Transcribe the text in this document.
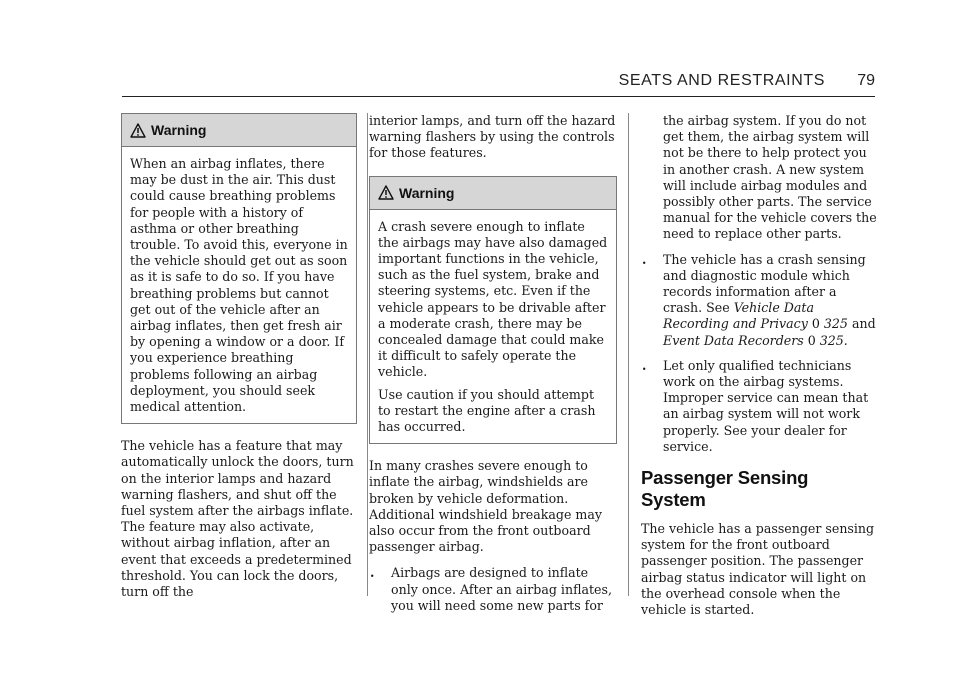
SEATS AND RESTRAINTS 79
Warning

When an airbag inflates, there may be dust in the air. This dust could cause breathing problems for people with a history of asthma or other breathing trouble. To avoid this, everyone in the vehicle should get out as soon as it is safe to do so. If you have breathing problems but cannot get out of the vehicle after an airbag inflates, then get fresh air by opening a window or a door. If you experience breathing problems following an airbag deployment, you should seek medical attention.

The vehicle has a feature that may automatically unlock the doors, turn on the interior lamps and hazard warning flashers, and shut off the fuel system after the airbags inflate. The feature may also activate, without airbag inflation, after an event that exceeds a predetermined threshold. You can lock the doors, turn off the

interior lamps, and turn off the hazard warning flashers by using the controls for those features.

Warning

A crash severe enough to inflate the airbags may have also damaged important functions in the vehicle, such as the fuel system, brake and steering systems, etc. Even if the vehicle appears to be drivable after a moderate crash, there may be concealed damage that could make it difficult to safely operate the vehicle.

Use caution if you should attempt to restart the engine after a crash has occurred.

In many crashes severe enough to inflate the airbag, windshields are broken by vehicle deformation. Additional windshield breakage may also occur from the front outboard passenger airbag.

.	Airbags are designed to inflate only once. After an airbag inflates, you will need some new parts for
the airbag system. If you do not get them, the airbag system will not be there to help protect you in another crash. A new system will include airbag modules and possibly other parts. The service manual for the vehicle covers the need to replace other parts.
.	The vehicle has a crash sensing and diagnostic module which records information after a crash. See Vehicle Data Recording and Privacy 0 325 and Event Data Recorders 0 325.
.	Let only qualified technicians work on the airbag systems. Improper service can mean that an airbag system will not work properly. See your dealer for service.
Passenger Sensing System

The vehicle has a passenger sensing system for the front outboard passenger position. The passenger airbag status indicator will light on the overhead console when the vehicle is started.
